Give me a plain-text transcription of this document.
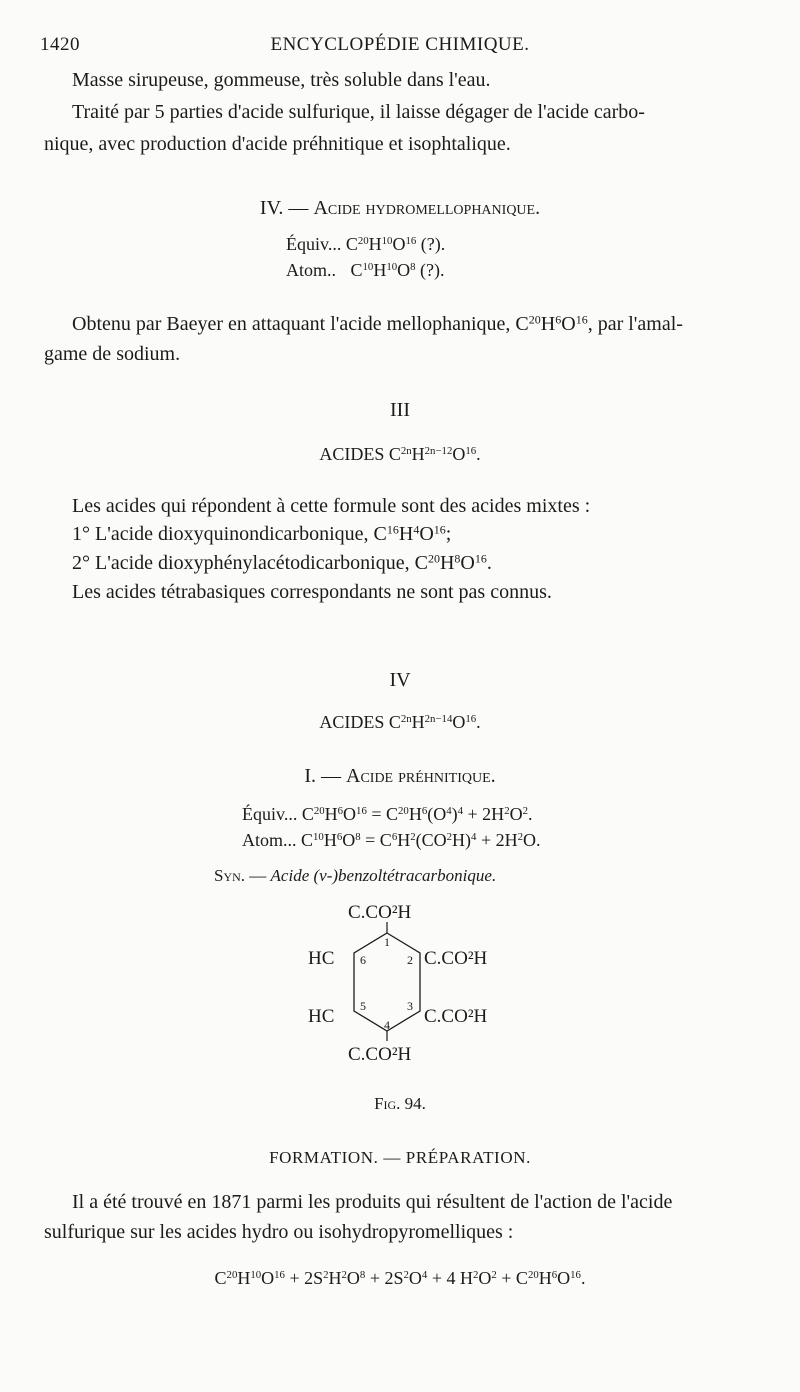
1420	ENCYCLOPÉDIE CHIMIQUE.
Masse sirupeuse, gommeuse, très soluble dans l'eau.
Traité par 5 parties d'acide sulfurique, il laisse dégager de l'acide carbo-
nique, avec production d'acide préhnitique et isophtalique.
IV. — Acide hydromellophanique.
Équiv... $C^{20}H^{10}O^{16}$ (?).
Atom.. $C^{10}H^{10}O^8$ (?).
Obtenu par Baeyer en attaquant l'acide mellophanique, $C^{20}H^6O^{16}$, par l'amal-
game de sodium.
III
ACIDES $C^{2n}H^{2n-12}O^{16}$.
Les acides qui répondent à cette formule sont des acides mixtes :
1° L'acide dioxyquinondicarbonique, $C^{16}H^4O^{16}$;
2° L'acide dioxyphénylacétodicarbonique, $C^{20}H^8O^{16}$.
Les acides tétrabasiques correspondants ne sont pas connus.
IV
ACIDES $C^{2n}H^{2n-14}O^{16}$.
I. — Acide préhnitique.
Équiv... $C^{20}H^6O^{16} = C^{20}H^6(O^4)^4 + 2H^2O^2$.
Atom... $C^{10}H^6O^8 = C^6H^2(CO^2H)^4 + 2H^2O$.
Syn. — Acide (v-)benzoltétracarbonique.
C.CO²H
HC	C.CO²H
HC	C.CO²H
C.CO²H
1
2
3
4
5
6
Fig. 94.
FORMATION. — PRÉPARATION.
Il a été trouvé en 1871 parmi les produits qui résultent de l'action de l'acide
sulfurique sur les acides hydro ou isohydropyromelliques :
$C^{20}H^{10}O^{16} + 2S^2H^2O^8 + 2S^2O^4 + 4$ $H^2O^2 + C^{20}H^6O^{16}$.
